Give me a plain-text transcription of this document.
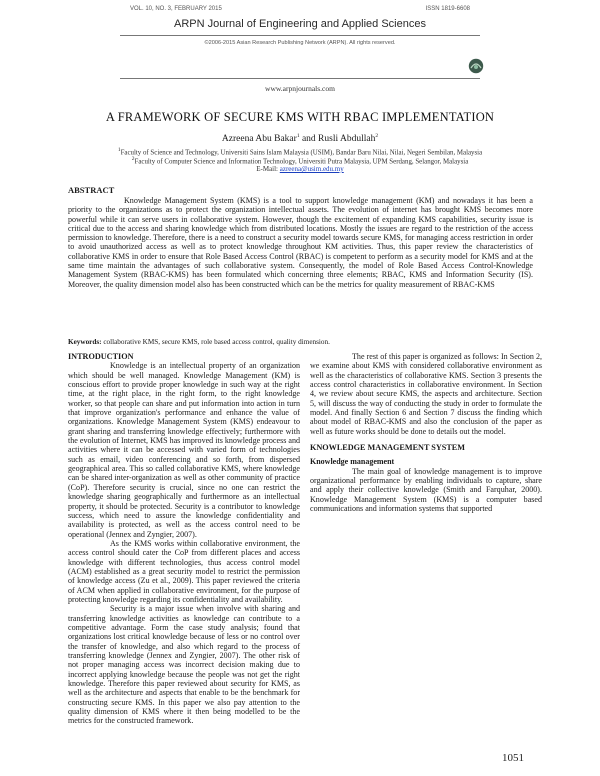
VOL. 10, NO. 3, FEBRUARY 2015	ISSN 1819-6608
ARPN Journal of Engineering and Applied Sciences
©2006-2015 Asian Research Publishing Network (ARPN). All rights reserved.
www.arpnjournals.com
A FRAMEWORK OF SECURE KMS WITH RBAC IMPLEMENTATION
Azreena Abu Bakar$^1$ and Rusli Abdullah$^2$
$^1$Faculty of Science and Technology, Universiti Sains Islam Malaysia (USIM), Bandar Baru Nilai, Nilai, Negeri Sembilan, Malaysia
$^2$Faculty of Computer Science and Information Technology, Universiti Putra Malaysia, UPM Serdang, Selangor, Malaysia
E-Mail: azreena@usim.edu.my
ABSTRACT

Knowledge Management System (KMS) is a tool to support knowledge management (KM) and nowadays it has been a priority to the organizations as to protect the organization intellectual assets. The evolution of internet has brought KMS becomes more powerful while it can serve users in collaborative system. However, though the excitement of expanding KMS capabilities, security issue is critical due to the access and sharing knowledge which from distributed locations. Mostly the issues are regard to the restriction of the access permission to knowledge. Therefore, there is a need to construct a security model towards secure KMS, for managing access restriction in order to avoid unauthorized access as well as to protect knowledge throughout KM activities. Thus, this paper review the characteristics of collaborative KMS in order to ensure that Role Based Access Control (RBAC) is competent to perform as a security model for KMS and at the same time maintain the advantages of such collaborative system. Consequently, the model of Role Based Access Control-Knowledge Management System (RBAC-KMS) has been formulated which concerning three elements; RBAC, KMS and Information Security (IS). Moreover, the quality dimension model also has been constructed which can be the metrics for quality measurement of RBAC-KMS

Keywords: collaborative KMS, secure KMS, role based access control, quality dimension.
INTRODUCTION

Knowledge is an intellectual property of an organization which should be well managed. Knowledge Management (KM) is conscious effort to provide proper knowledge in such way at the right time, at the right place, in the right form, to the right knowledge worker, so that people can share and put information into action in turn that improve organization's performance and enhance the value of organizations. Knowledge Management System (KMS) endeavour to grant sharing and transferring knowledge effectively; furthermore with the evolution of Internet, KMS has improved its knowledge process and activities where it can be accessed with varied form of technologies such as email, video conferencing and so forth, from dispersed geographical area. This so called collaborative KMS, where knowledge can be shared inter-organization as well as other community of practice (CoP). Therefore security is crucial, since no one can restrict the knowledge sharing geographically and furthermore as an intellectual property, it should be protected. Security is a contributor to knowledge success, which need to assure the knowledge confidentiality and availability is protected, as well as the access control need to be operational (Jennex and Zyngier, 2007).

As the KMS works within collaborative environment, the access control should cater the CoP from different places and access knowledge with different technologies, thus access control model (ACM) established as a great security model to restrict the permission of knowledge access (Zu et al., 2009). This paper reviewed the criteria of ACM when applied in collaborative environment, for the purpose of protecting knowledge regarding its confidentiality and availability.

Security is a major issue when involve with sharing and transferring knowledge activities as knowledge can contribute to a competitive advantage. Form the case study analysis; found that organizations lost critical knowledge because of less or no control over the transfer of knowledge, and also which regard to the process of transferring knowledge (Jennex and Zyngier, 2007). The other risk of not proper managing access was incorrect decision making due to incorrect applying knowledge because the people was not get the right knowledge. Therefore this paper reviewed about security for KMS, as well as the architecture and aspects that enable to be the benchmark for constructing secure KMS. In this paper we also pay attention to the quality dimension of KMS where it then being modelled to be the metrics for the constructed framework.

The rest of this paper is organized as follows: In Section 2, we examine about KMS with considered collaborative environment as well as the characteristics of collaborative KMS. Section 3 presents the access control characteristics in collaborative environment. In Section 4, we review about secure KMS, the aspects and architecture. Section 5, will discuss the way of conducting the study in order to formulate the model. And finally Section 6 and Section 7 discuss the finding which about model of RBAC-KMS and also the conclusion of the paper as well as future works should be done to details out the model.

KNOWLEDGE MANAGEMENT SYSTEM
Knowledge management

The main goal of knowledge management is to improve organizational performance by enabling individuals to capture, share and apply their collective knowledge (Smith and Farquhar, 2000). Knowledge Management System (KMS) is a computer based communications and information systems that supported

1051
